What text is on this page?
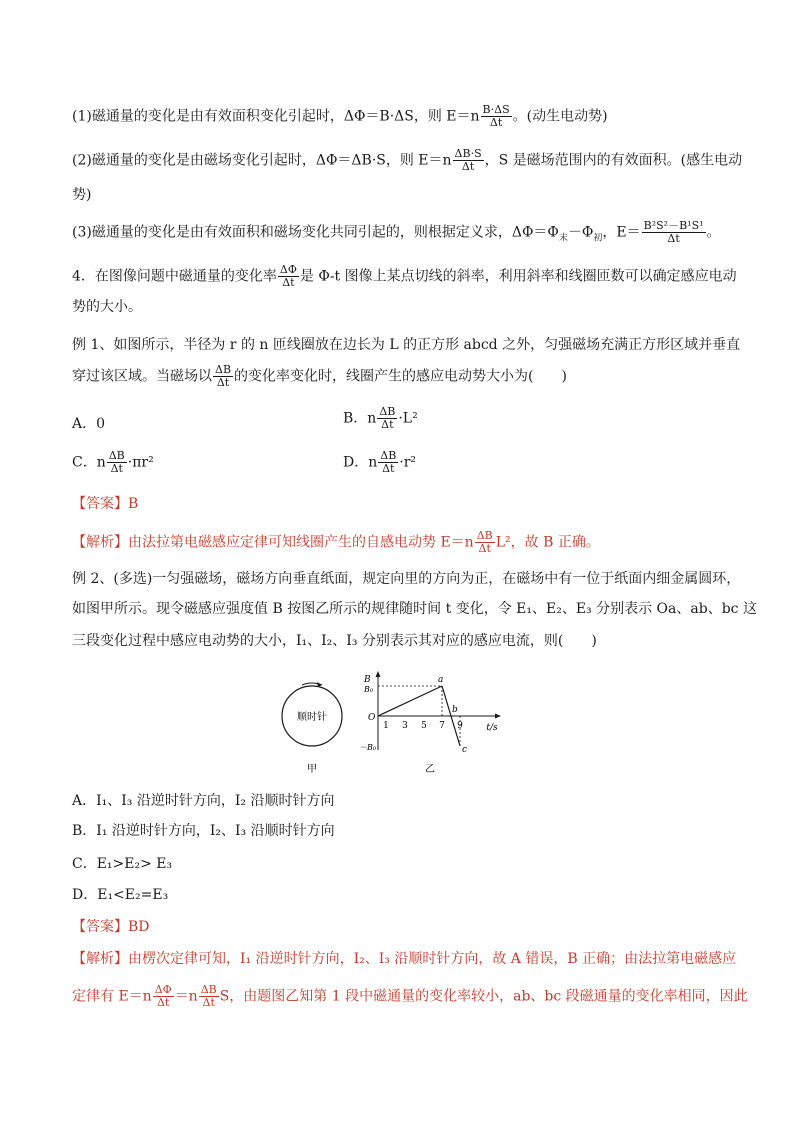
(1)磁通量的变化是由有效面积变化引起时，ΔΦ＝B·ΔS，则 $E=n \frac{B\cdot\Delta S}{\Delta t}$ 。(动生电动势)
(2)磁通量的变化是由磁场变化引起时，ΔΦ＝ΔB·S，则 $E=n \frac{\Delta B\cdot S}{\Delta t}$ ，S 是磁场范围内的有效面积。(感生电动
势)
(3)磁通量的变化是由有效面积和磁场变化共同引起的，则根据定义求，$\Delta\Phi=\Phi_末-\Phi_初$，$E= \frac{\text{B²S²－B¹S¹}}{\Delta t}$ 。
4．在图像问题中磁通量的变化率 $\frac{\Delta\Phi}{\Delta t}$ 是 Φ-t 图像上某点切线的斜率，利用斜率和线圈匝数可以确定感应电动
势的大小。
例 1、如图所示，半径为 r 的 n 匝线圈放在边长为 L 的正方形 abcd 之外，匀强磁场充满正方形区域并垂直
穿过该区域。当磁场以 $\frac{\Delta B}{\Delta t}$ 的变化率变化时，线圈产生的感应电动势大小为(　　)
A．0	B．n $\frac{\Delta B}{\Delta t} \cdot L^2$
C．n $\frac{\Delta B}{\Delta t} \cdot\pi r^2$	D．n $\frac{\Delta B}{\Delta t} \cdot r^2$
【答案】B
【解析】由法拉第电磁感应定律可知线圈产生的自感电动势 $E=n \frac{\Delta B}{\Delta t} L^2$，故 B 正确。
例 2、(多选)一匀强磁场，磁场方向垂直纸面，规定向里的方向为正，在磁场中有一位于纸面内细金属圆环，
如图甲所示。现令磁感应强度值 B 按图乙所示的规律随时间 t 变化，令 E₁、E₂、E₃ 分别表示 Oa、ab、bc 这
三段变化过程中感应电动势的大小，I₁、I₂、I₃ 分别表示其对应的感应电流，则(　　)
顺时针
甲
B
B₀
－B₀
O
1 3 5 7 9	t/s
a
b
c
乙
A．I₁、I₃ 沿逆时针方向，I₂ 沿顺时针方向
B．I₁ 沿逆时针方向，I₂、I₃ 沿顺时针方向
C．E₁>E₂> E₃
D．E₁<E₂=E₃
【答案】BD
【解析】由楞次定律可知，I₁ 沿逆时针方向，I₂、I₃ 沿顺时针方向，故 A 错误，B 正确；由法拉第电磁感应
定律有 $E=n \frac{\Delta\Phi}{\Delta t} =n \frac{\Delta B}{\Delta t}$ S，由题图乙知第 1 段中磁通量的变化率较小，ab、bc 段磁通量的变化率相同，因此
